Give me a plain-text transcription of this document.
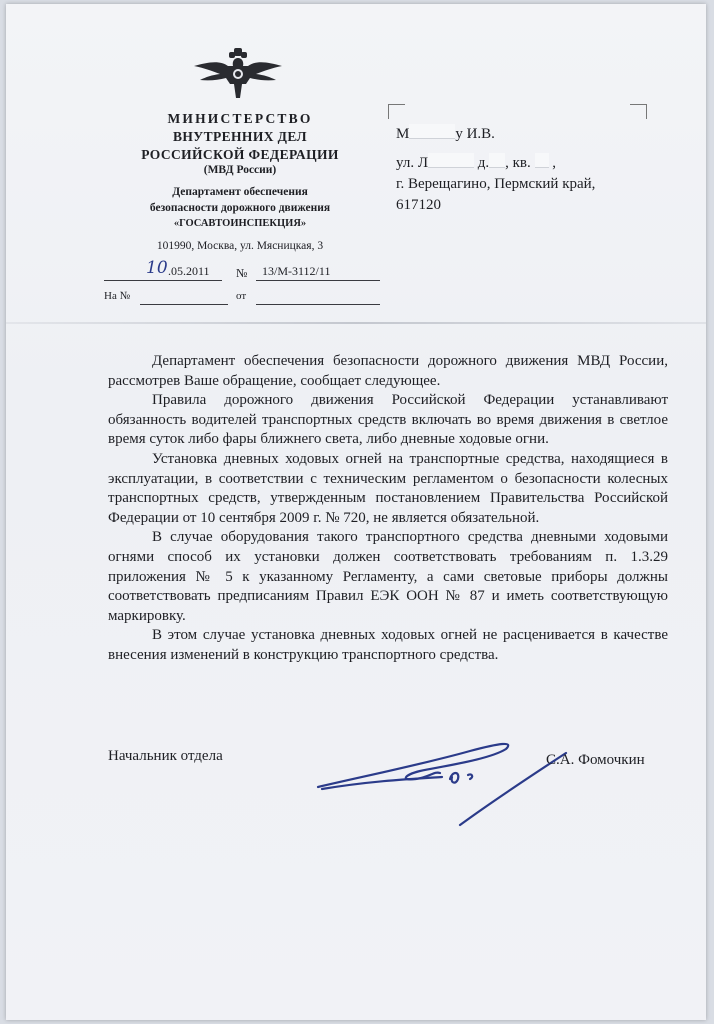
МИНИСТЕРСТВО
ВНУТРЕННИХ ДЕЛ
РОССИЙСКОЙ ФЕДЕРАЦИИ
(МВД России)
Департамент обеспечения
безопасности дорожного движения
«ГОСАВТОИНСПЕКЦИЯ»
101990, Москва, ул. Мясницкая, 3
10 .05.2011 № 13/М-3112/11
На №	от
М	у И.В.
ул. Л	д. , кв. ,
г. Верещагино, Пермский край,
617120

Департамент обеспечения безопасности дорожного движения МВД России, рассмотрев Ваше обращение, сообщает следующее.

Правила дорожного движения Российской Федерации устанавливают обязанность водителей транспортных средств включать во время движения в светлое время суток либо фары ближнего света, либо дневные ходовые огни.

Установка дневных ходовых огней на транспортные средства, находящиеся в эксплуатации, в соответствии с техническим регламентом о безопасности колесных транспортных средств, утвержденным постановлением Правительства Российской Федерации от 10 сентября 2009 г. № 720, не является обязательной.

В случае оборудования такого транспортного средства дневными ходовыми огнями способ их установки должен соответствовать требованиям п. 1.3.29 приложения № 5 к указанному Регламенту, а сами световые приборы должны соответствовать предписаниям Правил ЕЭК ООН № 87 и иметь соответствующую маркировку.

В этом случае установка дневных ходовых огней не расценивается в качестве внесения изменений в конструкцию транспортного средства.

Начальник отдела	С.А. Фомочкин
